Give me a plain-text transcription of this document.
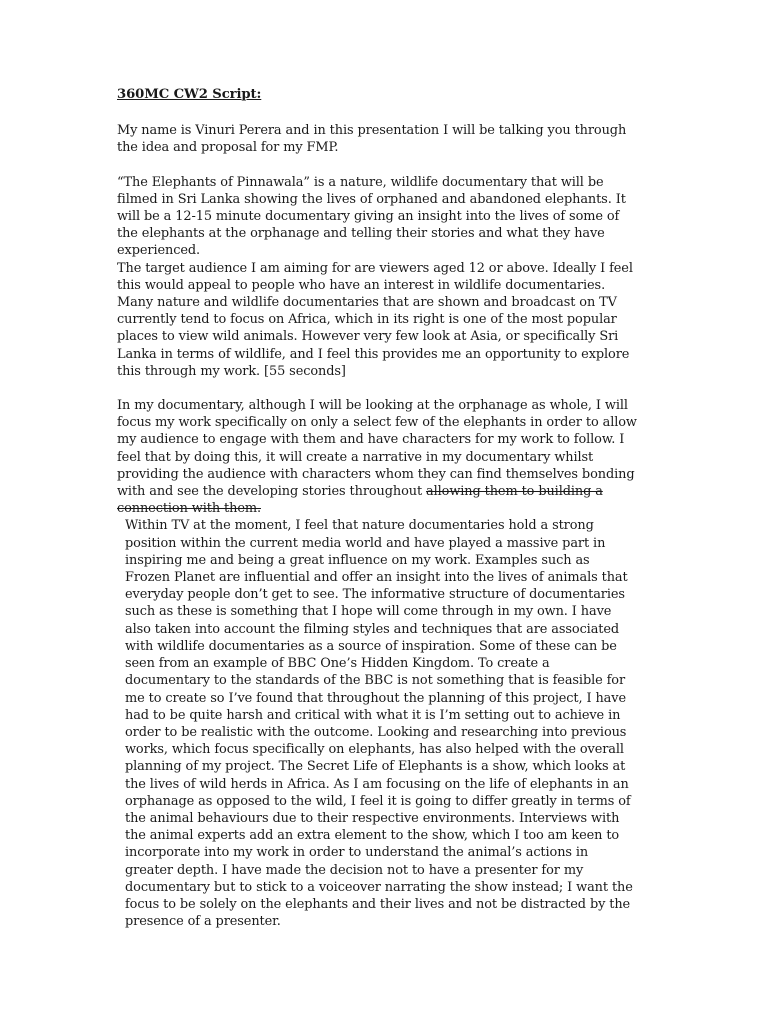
360MC CW2 Script:

My name is Vinuri Perera and in this presentation I will be talking you through the idea and proposal for my FMP.

“The Elephants of Pinnawala” is a nature, wildlife documentary that will be filmed in Sri Lanka showing the lives of orphaned and abandoned elephants. It will be a 12-15 minute documentary giving an insight into the lives of some of the elephants at the orphanage and telling their stories and what they have experienced.

The target audience I am aiming for are viewers aged 12 or above. Ideally I feel this would appeal to people who have an interest in wildlife documentaries. Many nature and wildlife documentaries that are shown and broadcast on TV currently tend to focus on Africa, which in its right is one of the most popular places to view wild animals. However very few look at Asia, or specifically Sri Lanka in terms of wildlife, and I feel this provides me an opportunity to explore this through my work. [55 seconds]

In my documentary, although I will be looking at the orphanage as whole, I will focus my work specifically on only a select few of the elephants in order to allow my audience to engage with them and have characters for my work to follow. I feel that by doing this, it will create a narrative in my documentary whilst providing the audience with characters whom they can find themselves bonding with and see the developing stories throughout allowing them to building a connection with them.

Within TV at the moment, I feel that nature documentaries hold a strong position within the current media world and have played a massive part in inspiring me and being a great influence on my work. Examples such as Frozen Planet are influential and offer an insight into the lives of animals that everyday people don’t get to see. The informative structure of documentaries such as these is something that I hope will come through in my own. I have also taken into account the filming styles and techniques that are associated with wildlife documentaries as a source of inspiration. Some of these can be seen from an example of BBC One’s Hidden Kingdom. To create a documentary to the standards of the BBC is not something that is feasible for me to create so I’ve found that throughout the planning of this project, I have had to be quite harsh and critical with what it is I’m setting out to achieve in order to be realistic with the outcome. Looking and researching into previous works, which focus specifically on elephants, has also helped with the overall planning of my project. The Secret Life of Elephants is a show, which looks at the lives of wild herds in Africa. As I am focusing on the life of elephants in an orphanage as opposed to the wild, I feel it is going to differ greatly in terms of the animal behaviours due to their respective environments. Interviews with the animal experts add an extra element to the show, which I too am keen to incorporate into my work in order to understand the animal’s actions in greater depth. I have made the decision not to have a presenter for my documentary but to stick to a voiceover narrating the show instead; I want the focus to be solely on the elephants and their lives and not be distracted by the presence of a presenter.
